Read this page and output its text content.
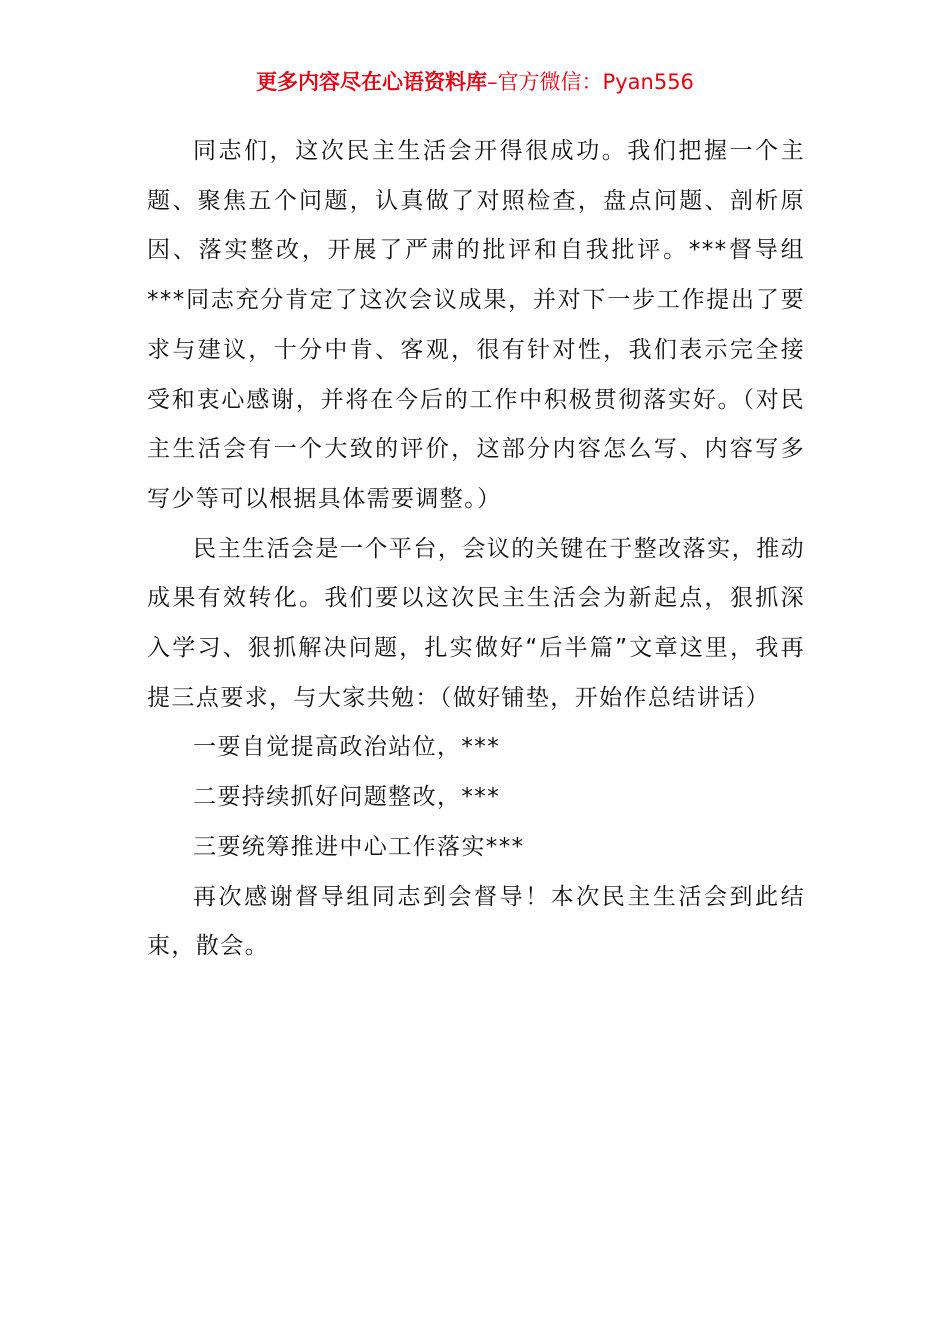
更多内容尽在心语资料库–官方微信：Pyan556

同志们，这次民主生活会开得很成功。我们把握一个主题、聚焦五个问题，认真做了对照检查，盘点问题、剖析原因、落实整改，开展了严肃的批评和自我批评。***督导组***同志充分肯定了这次会议成果，并对下一步工作提出了要求与建议，十分中肯、客观，很有针对性，我们表示完全接受和衷心感谢，并将在今后的工作中积极贯彻落实好。（对民主生活会有一个大致的评价，这部分内容怎么写、内容写多写少等可以根据具体需要调整。）

民主生活会是一个平台，会议的关键在于整改落实，推动成果有效转化。我们要以这次民主生活会为新起点，狠抓深入学习、狠抓解决问题，扎实做好“后半篇”文章这里，我再提三点要求，与大家共勉：（做好铺垫，开始作总结讲话）

一要自觉提高政治站位，***

二要持续抓好问题整改，***

三要统筹推进中心工作落实***

再次感谢督导组同志到会督导！本次民主生活会到此结束，散会。
